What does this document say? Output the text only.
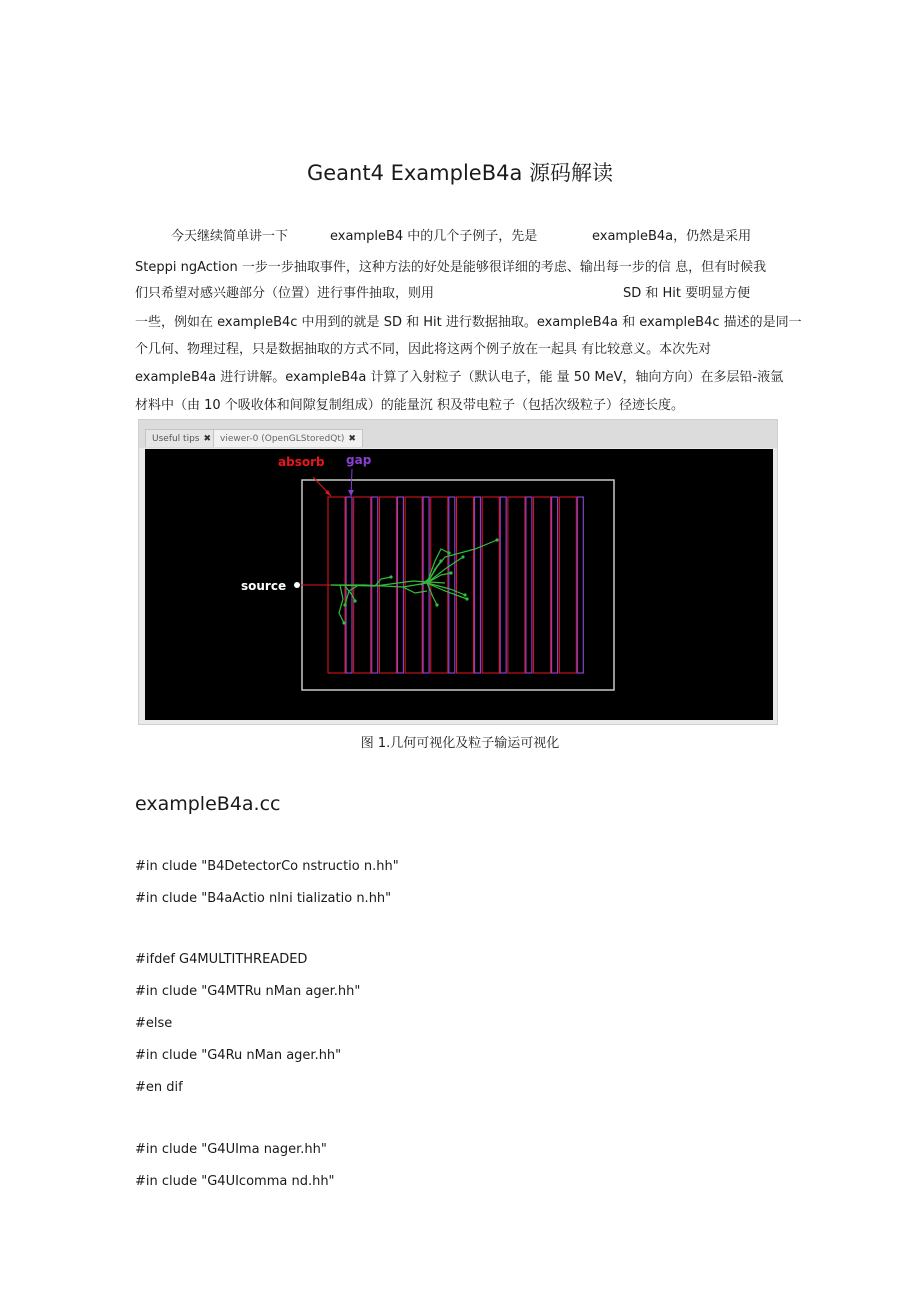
Geant4 ExampleB4a 源码解读
今天继续简单讲一下	exampleB4 中的几个子例子，先是	exampleB4a，仍然是采用
Steppi ngAction 一步一步抽取事件，这种方法的好处是能够很详细的考虑、输出每一步的信 息，但有时候我
们只希望对感兴趣部分（位置）进行事件抽取，则用	SD 和 Hit 要明显方便
一些，例如在 exampleB4c 中用到的就是 SD 和 Hit 进行数据抽取。exampleB4a 和 exampleB4c 描述的是同一
个几何、物理过程，只是数据抽取的方式不同，因此将这两个例子放在一起具 有比较意义。本次先对
exampleB4a 进行讲解。exampleB4a 计算了入射粒子（默认电子，能 量 50 MeV，轴向方向）在多层铅-液氩
材料中（由 10 个吸收体和间隙复制组成）的能量沉 积及带电粒子（包括次级粒子）径迹长度。
Useful tips ✖ viewer-0 (OpenGLStoredQt) ✖
source
absorb gap
图 1.几何可视化及粒子输运可视化
exampleB4a.cc
#in clude "B4DetectorCo nstructio n.hh"
#in clude "B4aActio nlni tializatio n.hh"
#ifdef G4MULTITHREADED
#in clude "G4MTRu nMan ager.hh"
#else
#in clude "G4Ru nMan ager.hh"
#en dif
#in clude "G4UIma nager.hh"
#in clude "G4UIcomma nd.hh"
